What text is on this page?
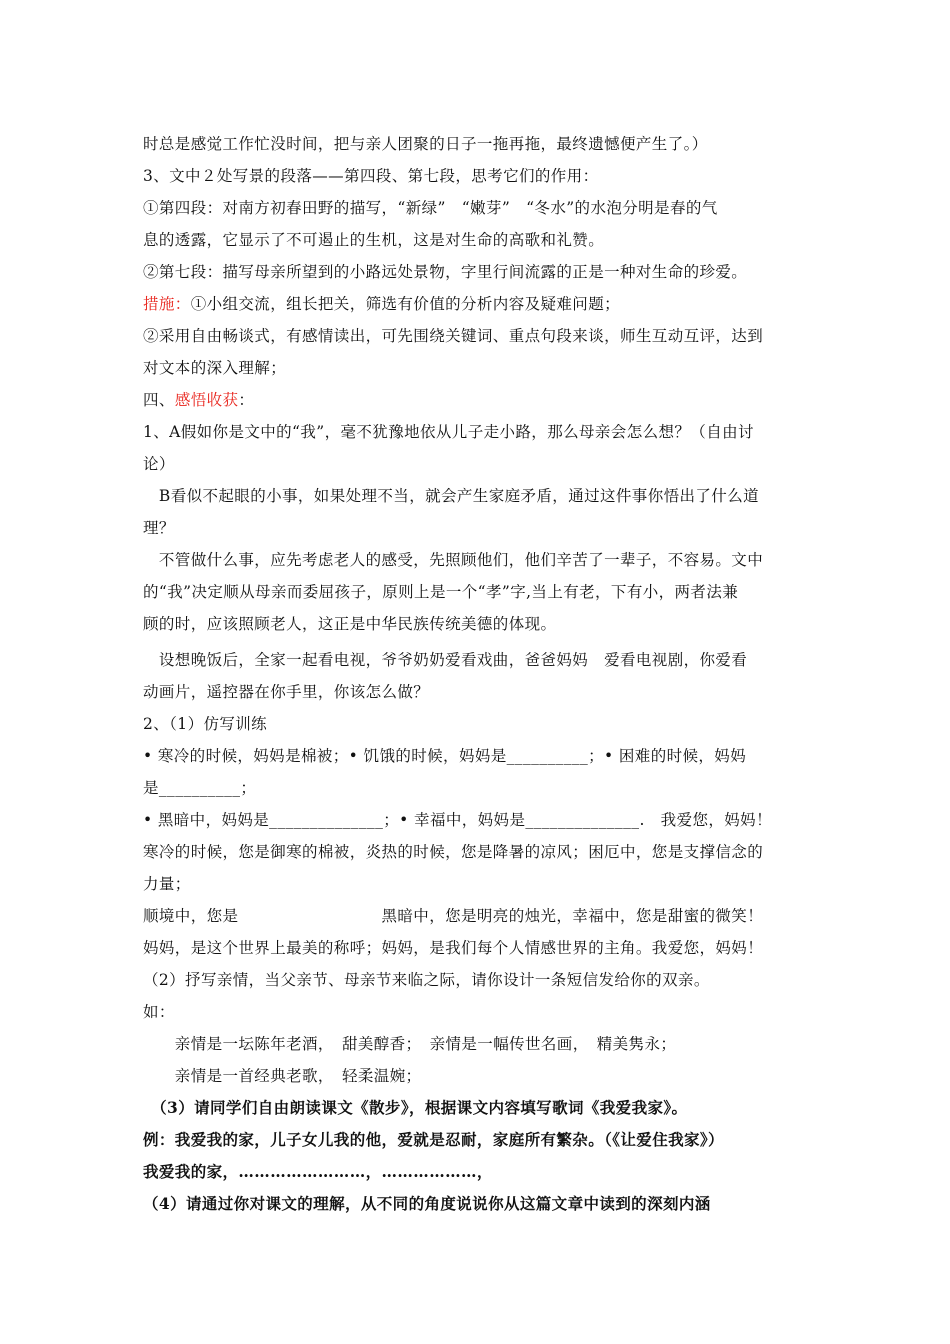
时总是感觉工作忙没时间，把与亲人团聚的日子一拖再拖，最终遗憾便产生了。）
3、文中２处写景的段落——第四段、第七段，思考它们的作用：
①第四段：对南方初春田野的描写，“新绿”　“嫩芽”　“冬水”的水泡分明是春的气
息的透露，它显示了不可遏止的生机，这是对生命的高歌和礼赞。
②第七段：描写母亲所望到的小路远处景物，字里行间流露的正是一种对生命的珍爱。
措施：①小组交流，组长把关，筛选有价值的分析内容及疑难问题；
②采用自由畅谈式，有感情读出，可先围绕关键词、重点句段来谈，师生互动互评，达到
对文本的深入理解；
四、感悟收获：
1、A假如你是文中的“我”，毫不犹豫地依从儿子走小路，那么母亲会怎么想？（自由讨
论）
　B看似不起眼的小事，如果处理不当，就会产生家庭矛盾，通过这件事你悟出了什么道
理？
　不管做什么事，应先考虑老人的感受，先照顾他们，他们辛苦了一辈子，不容易。文中
的“我”决定顺从母亲而委屈孩子，原则上是一个“孝”字,当上有老，下有小，两者法兼
顾的时，应该照顾老人，这正是中华民族传统美德的体现。
　设想晚饭后，全家一起看电视，爷爷奶奶爱看戏曲，爸爸妈妈　爱看电视剧，你爱看
动画片，遥控器在你手里，你该怎么做？
2、（1）仿写训练
• 寒冷的时候，妈妈是棉被；• 饥饿的时候，妈妈是__________；• 困难的时候，妈妈
是__________；
• 黑暗中，妈妈是______________；• 幸福中，妈妈是______________.　我爱您，妈妈！
寒冷的时候，您是御寒的棉被，炎热的时候，您是降暑的凉风；困厄中，您是支撑信念的
力量；
顺境中，您是　　　　　　　　　黑暗中，您是明亮的烛光，幸福中，您是甜蜜的微笑！
妈妈，是这个世界上最美的称呼；妈妈，是我们每个人情感世界的主角。我爱您，妈妈！
（2）抒写亲情，当父亲节、母亲节来临之际，请你设计一条短信发给你的双亲。
如：
　　亲情是一坛陈年老酒，　甜美醇香；　亲情是一幅传世名画，　精美隽永；
　　亲情是一首经典老歌，　轻柔温婉；
　（3）请同学们自由朗读课文《散步》，根据课文内容填写歌词《我爱我家》。
例：我爱我的家，儿子女儿我的他，爱就是忍耐，家庭所有繁杂。（《让爱住我家》）
我爱我的家，……………………，………………，
（4）请通过你对课文的理解，从不同的角度说说你从这篇文章中读到的深刻内涵
